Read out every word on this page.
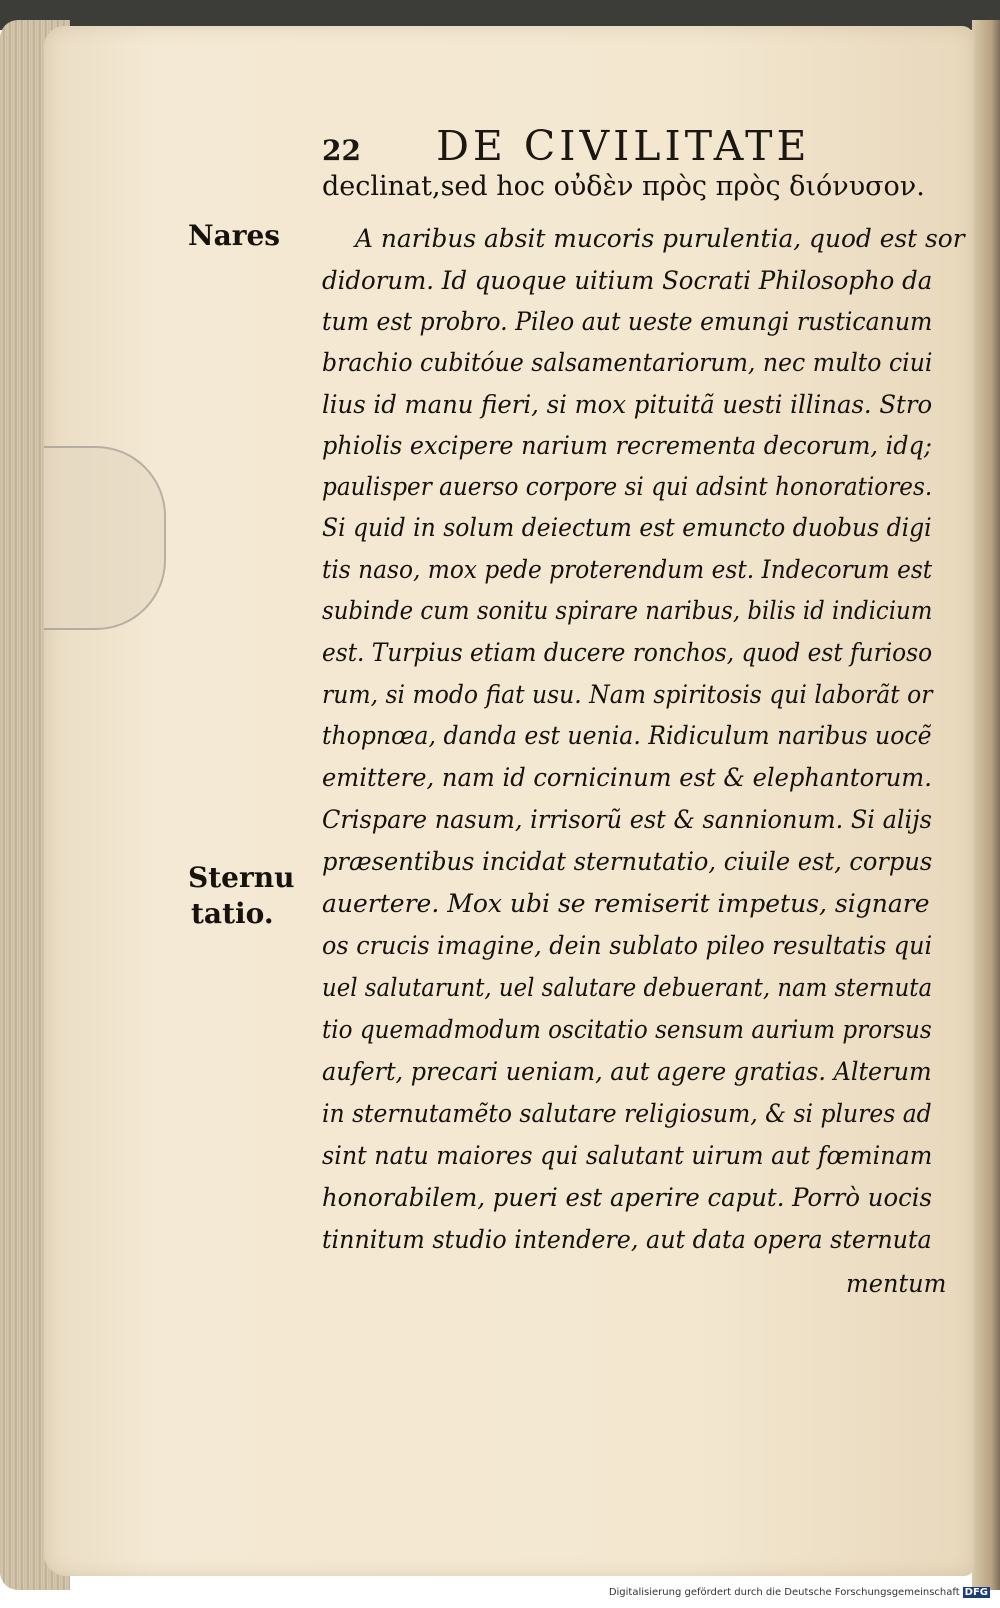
22 DE CIVILITATE
Nares
Sternu
tatio.
declinat,sed hoc οὐδὲν πρὸς πρὸς διόνυσον.
A naribus absit mucoris purulentia, quod est sor
didorum. Id quoque uitium Socrati Philosopho da
tum est probro. Pileo aut ueste emungi rusticanum
brachio cubitóue salsamentariorum, nec multo ciui
lius id manu fieri, si mox pituitã uesti illinas. Stro
phiolis excipere narium recrementa decorum, idq;
paulisper auerso corpore si qui adsint honoratiores.
Si quid in solum deiectum est emuncto duobus digi
tis naso, mox pede proterendum est. Indecorum est
subinde cum sonitu spirare naribus, bilis id indicium
est. Turpius etiam ducere ronchos, quod est furioso
rum, si modo fiat usu. Nam spiritosis qui laborãt or
thopnœa, danda est uenia. Ridiculum naribus uocẽ
emittere, nam id cornicinum est & elephantorum.
Crispare nasum, irrisorũ est & sannionum. Si alijs
præsentibus incidat sternutatio, ciuile est, corpus
auertere. Mox ubi se remiserit impetus, signare
os crucis imagine, dein sublato pileo resultatis qui
uel salutarunt, uel salutare debuerant, nam sternuta
tio quemadmodum oscitatio sensum aurium prorsus
aufert, precari ueniam, aut agere gratias. Alterum
in sternutamẽto salutare religiosum, & si plures ad
sint natu maiores qui salutant uirum aut fœminam
honorabilem, pueri est aperire caput. Porrò uocis
tinnitum studio intendere, aut data opera sternuta
mentum
Digitalisierung gefördert durch die Deutsche Forschungsgemeinschaft DFG
